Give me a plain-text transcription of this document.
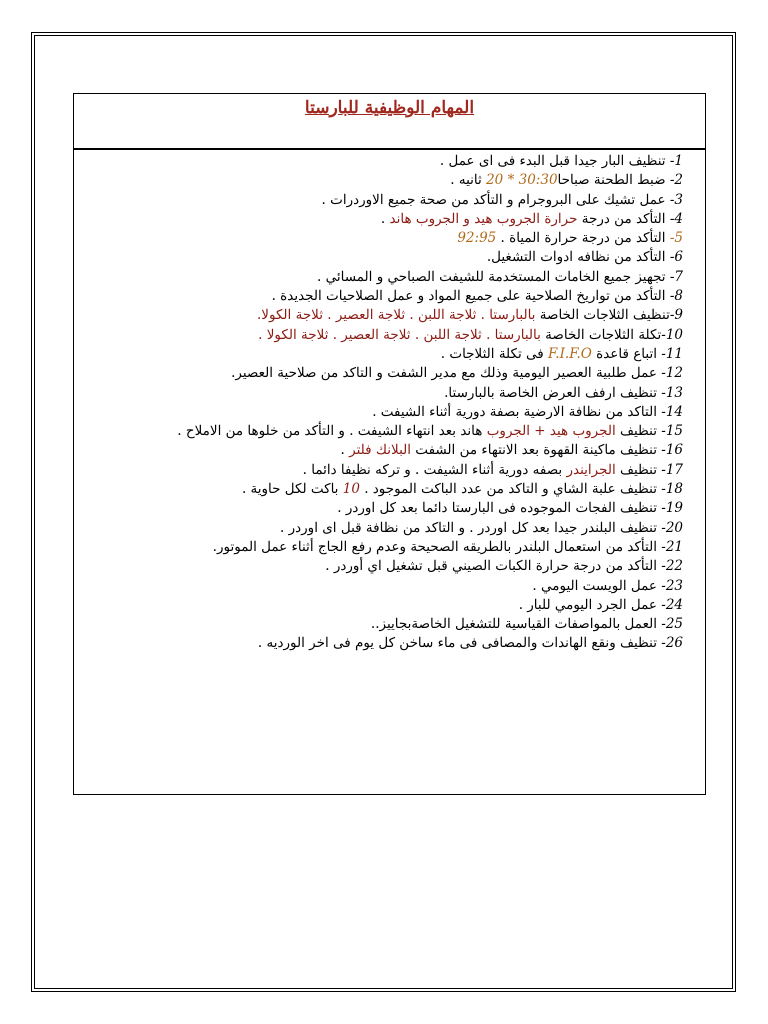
المهام الوظيفية للبارستا
1- تنظيف البار جيدا قبل البدء فى اى عمل .
2- ضبط الطحنة صباحا30:30 * 20 ثانيه .
3- عمل تشيك على البروجرام و التأكد من صحة جميع الاوردرات .
4- التأكد من درجة حرارة الجروب هيد و الجروب هاند .
5- التأكد من درجة حرارة المياة . 92:95
6- التأكد من نظافه ادوات التشغيل.
7- تجهيز جميع الخامات المستخدمة للشيفت الصباحي و المسائي .
8- التأكد من تواريخ الصلاحية على جميع المواد و عمل الصلاحيات الجديدة .
9-تنظيف الثلاجات الخاصة بالبارستا . ثلاجة اللبن . ثلاجة العصير . ثلاجة الكولا.
10-تكلة الثلاجات الخاصة بالبارستا . ثلاجة اللبن . ثلاجة العصير . ثلاجة الكولا .
11- اتباع قاعدة F.I.F.O فى تكلة الثلاجات .
12- عمل طلبية العصير اليومية وذلك مع مدير الشفت و التاكد من صلاحية العصير.
13- تنظيف ارفف العرض الخاصة بالبارستا.
14- التاكد من نظافة الارضية بصفة دورية أثناء الشيفت .
15- تنظيف الجروب هيد + الجروب هاند بعد انتهاء الشيفت . و التأكد من خلوها من الاملاح .
16- تنظيف ماكينة القهوة بعد الانتهاء من الشفت البلانك فلتر .
17- تنظيف الجرايندر بصفه دورية أثناء الشيفت . و تركه نظيفا دائما .
18- تنظيف علبة الشاي و التاكد من عدد الباكت الموجود . 10 باكت لكل حاوية .
19- تنظيف الفجات الموجوده فى البارستا دائما بعد كل اوردر .
20- تنظيف البلندر جيدا بعد كل اوردر . و التاكد من نظافة قبل اى اوردر .
21- التأكد من استعمال البلندر بالطريقه الصحيحة وعدم رفع الجاج أثناء عمل الموتور.
22- التأكد من درجة حرارة الكبات الصيني قبل تشغيل اي أوردر .
23- عمل الويست اليومي .
24- عمل الجرد اليومي للبار .
25- العمل بالمواصفات القياسية للتشغيل الخاصةبجاييز..
26- تنظيف ونقع الهاندات والمصافى فى ماء ساخن كل يوم فى اخر الورديه .
